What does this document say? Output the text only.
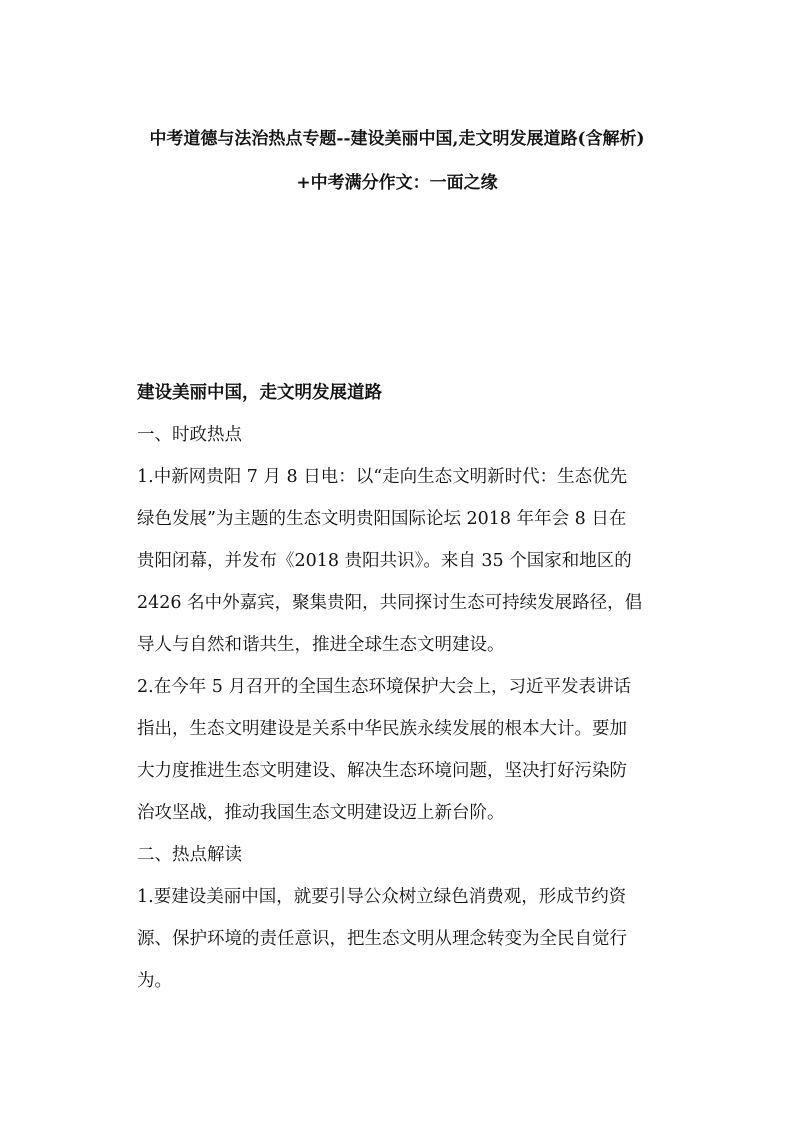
中考道德与法治热点专题--建设美丽中国,走文明发展道路(含解析)
+中考满分作文：一面之缘
建设美丽中国，走文明发展道路
一、时政热点
1.中新网贵阳 7 月 8 日电：以“走向生态文明新时代：生态优先
绿色发展”为主题的生态文明贵阳国际论坛 2018 年年会 8 日在
贵阳闭幕，并发布《2018 贵阳共识》。来自 35 个国家和地区的
2426 名中外嘉宾，聚集贵阳，共同探讨生态可持续发展路径，倡
导人与自然和谐共生，推进全球生态文明建设。
2.在今年 5 月召开的全国生态环境保护大会上，习近平发表讲话
指出，生态文明建设是关系中华民族永续发展的根本大计。要加
大力度推进生态文明建设、解决生态环境问题，坚决打好污染防
治攻坚战，推动我国生态文明建设迈上新台阶。
二、热点解读
1.要建设美丽中国，就要引导公众树立绿色消费观，形成节约资
源、保护环境的责任意识，把生态文明从理念转变为全民自觉行
为。
